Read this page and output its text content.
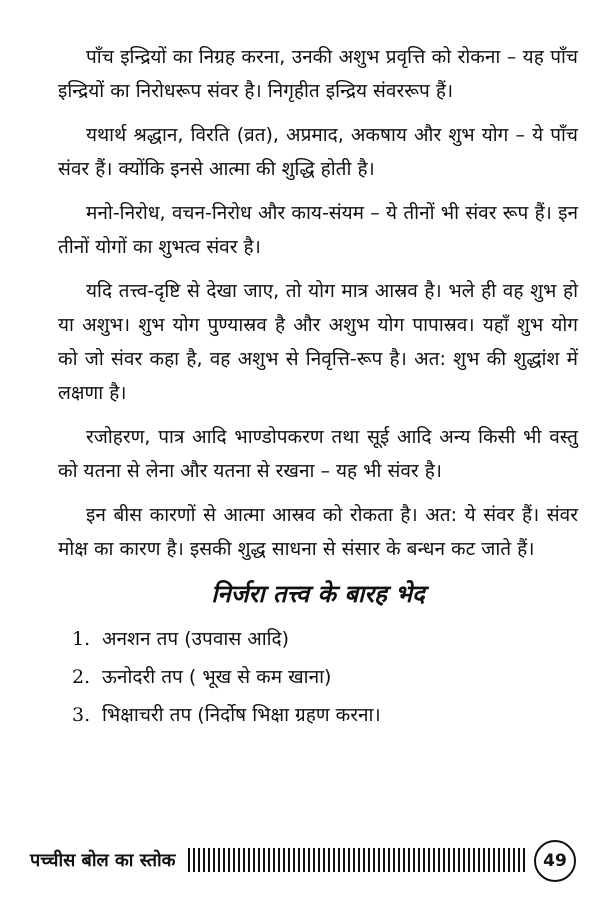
पाँच इन्द्रियों का निग्रह करना, उनकी अशुभ प्रवृत्ति को रोकना – यह पाँच इन्द्रियों का निरोधरूप संवर है। निगृहीत इन्द्रिय संवररूप हैं।

यथार्थ श्रद्धान, विरति (व्रत), अप्रमाद, अकषाय और शुभ योग – ये पाँच संवर हैं। क्योंकि इनसे आत्मा की शुद्धि होती है।

मनो-निरोध, वचन-निरोध और काय-संयम – ये तीनों भी संवर रूप हैं। इन तीनों योगों का शुभत्व संवर है।

यदि तत्त्व-दृष्टि से देखा जाए, तो योग मात्र आस्रव है। भले ही वह शुभ हो या अशुभ। शुभ योग पुण्यास्रव है और अशुभ योग पापास्रव। यहाँ शुभ योग को जो संवर कहा है, वह अशुभ से निवृत्ति-रूप है। अत: शुभ की शुद्धांश में लक्षणा है।

रजोहरण, पात्र आदि भाण्डोपकरण तथा सूई आदि अन्य किसी भी वस्तु को यतना से लेना और यतना से रखना – यह भी संवर है।

इन बीस कारणों से आत्मा आस्रव को रोकता है। अत: ये संवर हैं। संवर मोक्ष का कारण है। इसकी शुद्ध साधना से संसार के बन्धन कट जाते हैं।

निर्जरा तत्त्व के बारह भेद
1. अनशन तप (उपवास आदि)
2. ऊनोदरी तप ( भूख से कम खाना)
3. भिक्षाचरी तप (निर्दोष भिक्षा ग्रहण करना।
पच्चीस बोल का स्तोक	49
